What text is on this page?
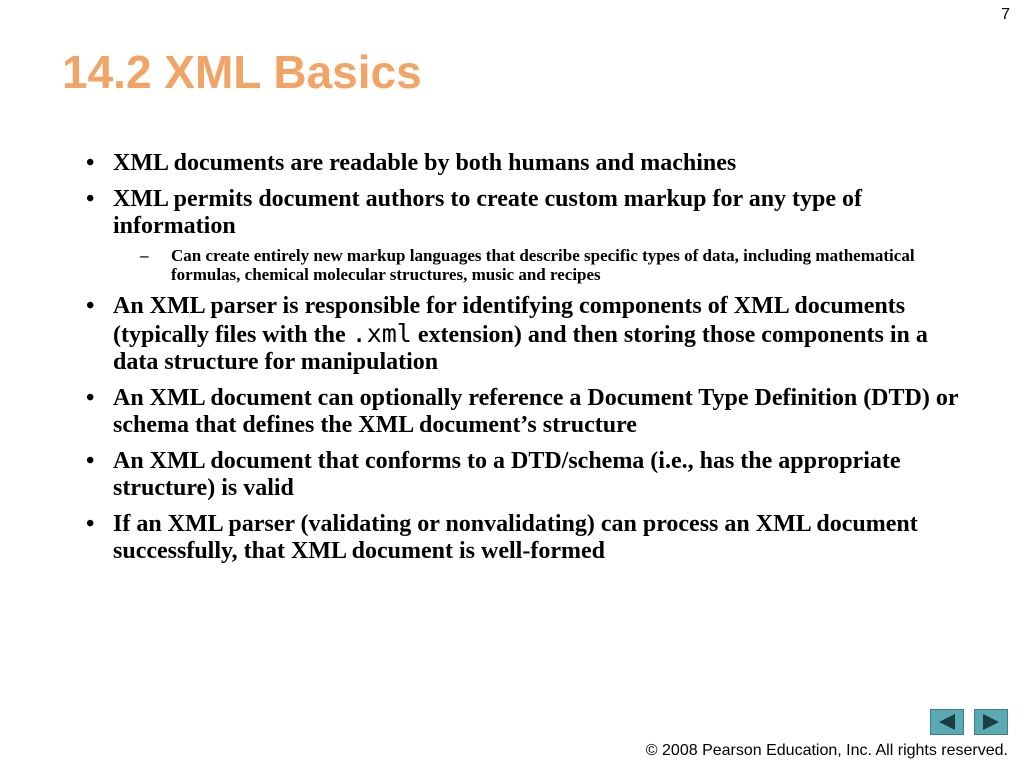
7
14.2 XML Basics
• XML documents are readable by both humans and machines
• XML permits document authors to create custom markup for any type of information
– Can create entirely new markup languages that describe specific types of data, including mathematical formulas, chemical molecular structures, music and recipes
• An XML parser is responsible for identifying components of XML documents (typically files with the .xml extension) and then storing those components in a data structure for manipulation
• An XML document can optionally reference a Document Type Definition (DTD) or schema that defines the XML document’s structure
• An XML document that conforms to a DTD/schema (i.e., has the appropriate structure) is valid
• If an XML parser (validating or nonvalidating) can process an XML document successfully, that XML document is well-formed
© 2008 Pearson Education, Inc. All rights reserved.
